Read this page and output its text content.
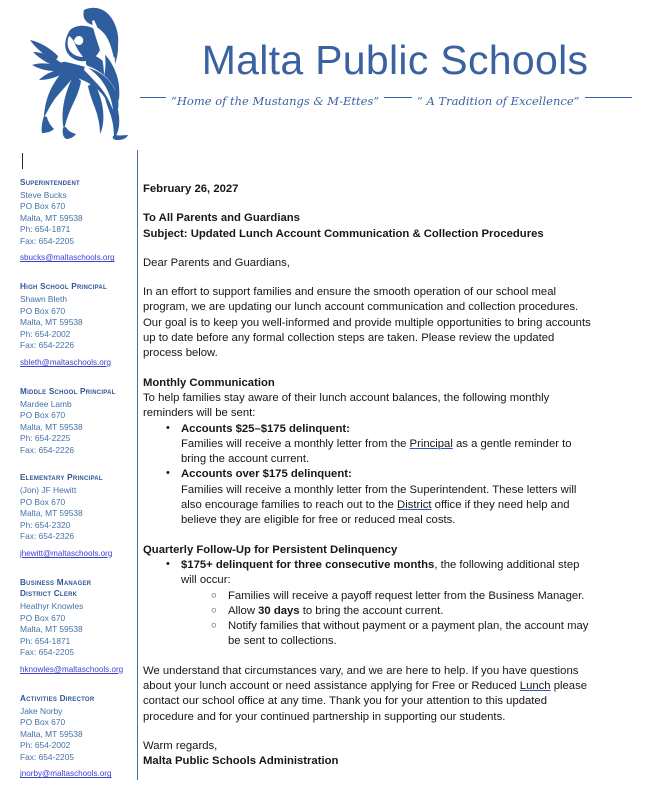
Malta Public Schools
“Home of the Mustangs & M-Ettes”	“ A Tradition of Excellence”
Superintendent
Steve Bucks
PO Box 670
Malta, MT 59538
Ph: 654-1871
Fax: 654-2205
sbucks@maltaschools.org
High School Principal
Shawn Bleth
PO Box 670
Malta, MT 59538
Ph: 654-2002
Fax: 654-2226
sbleth@maltaschools.org
Middle School Principal
Mardee Lamb
PO Box 670
Malta, MT 59538
Ph: 654-2225
Fax: 654-2226
Elementary Principal
(Jon) JF Hewitt
PO Box 670
Malta, MT 59538
Ph: 654-2320
Fax: 654-2326
jhewitt@maltaschools.org
Business Manager
District Clerk
Heathyr Knowles
PO Box 670
Malta, MT 59538
Ph: 654-1871
Fax: 654-2205
hknowles@maltaschools.org
Activities Director
Jake Norby
PO Box 670
Malta, MT 59538
Ph: 654-2002
Fax: 654-2205
jnorby@maltaschools.org

February 26, 2027

To All Parents and Guardians

Subject: Updated Lunch Account Communication & Collection Procedures

Dear Parents and Guardians,

In an effort to support families and ensure the smooth operation of our school meal program, we are updating our lunch account communication and collection procedures. Our goal is to keep you well-informed and provide multiple opportunities to bring accounts up to date before any formal collection steps are taken. Please review the updated process below.

Monthly Communication

To help families stay aware of their lunch account balances, the following monthly reminders will be sent:

• Accounts $25–$175 delinquent:
Families will receive a monthly letter from the Principal as a gentle reminder to bring the account current.
• Accounts over $175 delinquent:
Families will receive a monthly letter from the Superintendent. These letters will also encourage families to reach out to the District office if they need help and believe they are eligible for free or reduced meal costs.

Quarterly Follow-Up for Persistent Delinquency

• $175+ delinquent for three consecutive months, the following additional step will occur:
○ Families will receive a payoff request letter from the Business Manager.
○ Allow 30 days to bring the account current.
○ Notify families that without payment or a payment plan, the account may be sent to collections.

We understand that circumstances vary, and we are here to help. If you have questions about your lunch account or need assistance applying for Free or Reduced Lunch please contact our school office at any time. Thank you for your attention to this updated procedure and for your continued partnership in supporting our students.

Warm regards,

Malta Public Schools Administration
